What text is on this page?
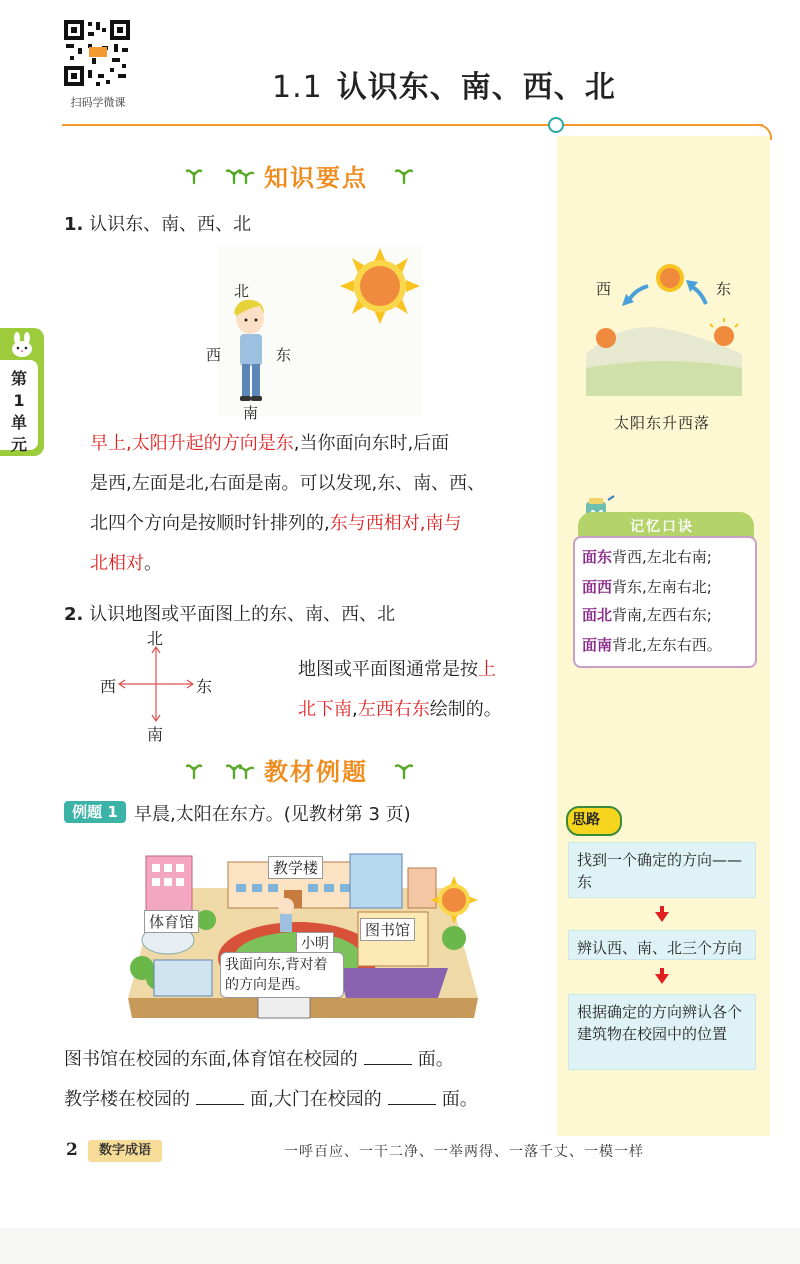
扫码学微课	1.1 认识东、南、西、北
第
1
单
元
知识要点
1. 认识东、南、西、北
北
西	东
南
早上,太阳升起的方向是东,当你面向东时,后面
是西,左面是北,右面是南。可以发现,东、南、西、
北四个方向是按顺时针排列的,东与西相对,南与
北相对。
2. 认识地图或平面图上的东、南、西、北
北
西	东
南
地图或平面图通常是按上
北下南,左西右东绘制的。
教材例题
例题 1 早晨,太阳在东方。(见教材第 3 页)
教学楼
体育馆	图书馆
小明
我面向东,背对着的方向是西。
图书馆在校园的东面,体育馆在校园的	面。
教学楼在校园的	面,大门在校园的	面。
西	东
太阳东升西落
记忆口诀
面东背西,左北右南;
面西背东,左南右北;
面北背南,左西右东;
面南背北,左东右西。
思路
找到一个确定的方向——东
辨认西、南、北三个方向
根据确定的方向辨认各个建筑物在校园中的位置
2	数字成语	一呼百应、一干二净、一举两得、一落千丈、一模一样
